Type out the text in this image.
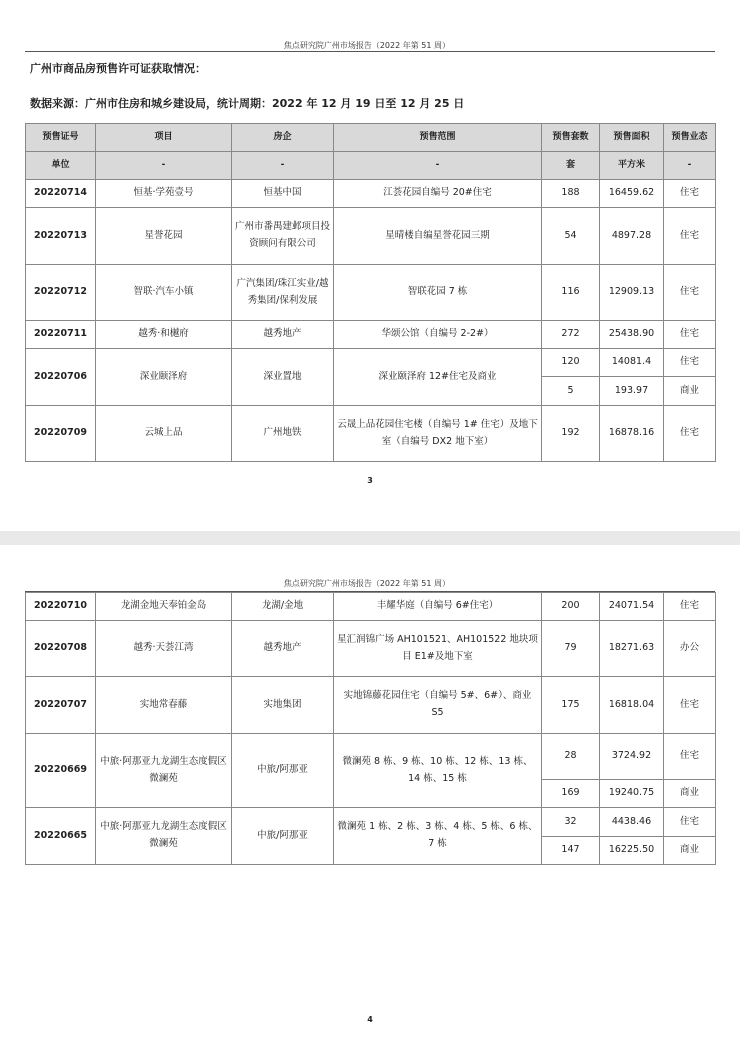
焦点研究院广州市场报告（2022 年第 51 周）
广州市商品房预售许可证获取情况：
数据来源：广州市住房和城乡建设局，统计周期：2022 年 12 月 19 日至 12 月 25 日
预售证号	项目	房企	预售范围	预售套数	预售面积	预售业态
单位	-	-	-	套	平方米	-
20220714	恒基·学苑壹号	恒基中国	江荟花园自编号 20#住宅	188	16459.62	住宅
20220713	星誉花园	广州市番禺建邺项目投资顾问有限公司	星晴楼自编星誉花园三期	54	4897.28	住宅
20220712	智联·汽车小镇	广汽集团/珠江实业/越秀集团/保利发展	智联花园 7 栋	116	12909.13	住宅
20220711	越秀·和樾府	越秀地产	华颂公馆（自编号 2-2#）	272	25438.90	住宅
20220706	深业颐泽府	深业置地	深业颐泽府 12#住宅及商业	120	14081.4	住宅
				5	193.97	商业
20220709	云城上品	广州地铁	云晟上品花园住宅楼（自编号 1# 住宅）及地下室（自编号 DX2 地下室）	192	16878.16	住宅
3
焦点研究院广州市场报告（2022 年第 51 周）
20220710	龙湖金地天奉铂金岛	龙湖/金地	丰耀华庭（自编号 6#住宅）	200	24071.54	住宅
20220708	越秀·天荟江湾	越秀地产	星汇润锦广场 AH101521、AH101522 地块项目 E1#及地下室	79	18271.63	办公
20220707	实地常春藤	实地集团	实地锦藤花园住宅（自编号 5#、6#）、商业 S5	175	16818.04	住宅
20220669	中旅·阿那亚九龙湖生态度假区微澜苑	中旅/阿那亚	微澜苑 8 栋、9 栋、10 栋、12 栋、13 栋、14 栋、15 栋	28	3724.92	住宅
				169	19240.75	商业
20220665	中旅·阿那亚九龙湖生态度假区微澜苑	中旅/阿那亚	微澜苑 1 栋、2 栋、3 栋、4 栋、5 栋、6 栋、7 栋	32	4438.46	住宅
				147	16225.50	商业
4
